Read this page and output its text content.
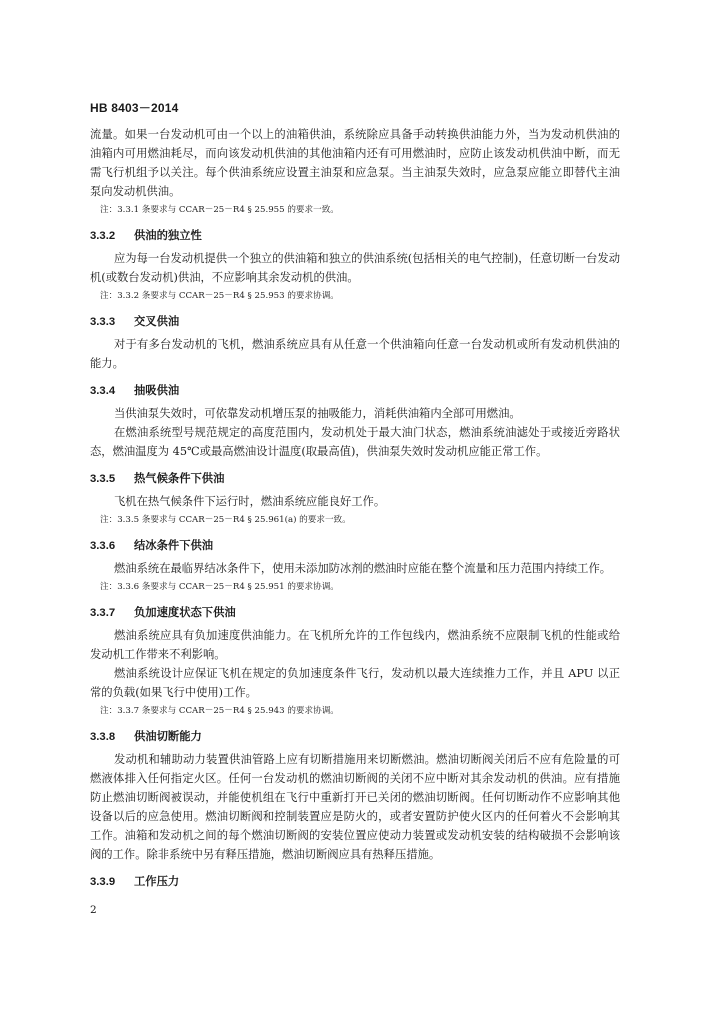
HB 8403－2014

流量。如果一台发动机可由一个以上的油箱供油，系统除应具备手动转换供油能力外，当为发动机供油的油箱内可用燃油耗尽，而向该发动机供油的其他油箱内还有可用燃油时，应防止该发动机供油中断，而无需飞行机组予以关注。每个供油系统应设置主油泵和应急泵。当主油泵失效时，应急泵应能立即替代主油泵向发动机供油。

注：3.3.1 条要求与 CCAR－25－R4 § 25.955 的要求一致。

3.3.2 供油的独立性

应为每一台发动机提供一个独立的供油箱和独立的供油系统(包括相关的电气控制)，任意切断一台发动机(或数台发动机)供油，不应影响其余发动机的供油。

注：3.3.2 条要求与 CCAR－25－R4 § 25.953 的要求协调。

3.3.3 交叉供油

对于有多台发动机的飞机，燃油系统应具有从任意一个供油箱向任意一台发动机或所有发动机供油的能力。

3.3.4 抽吸供油

当供油泵失效时，可依靠发动机增压泵的抽吸能力，消耗供油箱内全部可用燃油。

在燃油系统型号规范规定的高度范围内，发动机处于最大油门状态，燃油系统油滤处于或接近旁路状态，燃油温度为 45℃或最高燃油设计温度(取最高值)，供油泵失效时发动机应能正常工作。

3.3.5 热气候条件下供油

飞机在热气候条件下运行时，燃油系统应能良好工作。

注：3.3.5 条要求与 CCAR－25－R4 § 25.961(a) 的要求一致。

3.3.6 结冰条件下供油

燃油系统在最临界结冰条件下，使用未添加防冰剂的燃油时应能在整个流量和压力范围内持续工作。

注：3.3.6 条要求与 CCAR－25－R4 § 25.951 的要求协调。

3.3.7 负加速度状态下供油

燃油系统应具有负加速度供油能力。在飞机所允许的工作包线内，燃油系统不应限制飞机的性能或给发动机工作带来不利影响。

燃油系统设计应保证飞机在规定的负加速度条件飞行，发动机以最大连续推力工作，并且 APU 以正常的负载(如果飞行中使用)工作。

注：3.3.7 条要求与 CCAR－25－R4 § 25.943 的要求协调。

3.3.8 供油切断能力

发动机和辅助动力装置供油管路上应有切断措施用来切断燃油。燃油切断阀关闭后不应有危险量的可燃液体排入任何指定火区。任何一台发动机的燃油切断阀的关闭不应中断对其余发动机的供油。应有措施防止燃油切断阀被误动，并能使机组在飞行中重新打开已关闭的燃油切断阀。任何切断动作不应影响其他设备以后的应急使用。燃油切断阀和控制装置应是防火的，或者安置防护使火区内的任何着火不会影响其工作。油箱和发动机之间的每个燃油切断阀的安装位置应使动力装置或发动机安装的结构破损不会影响该阀的工作。除非系统中另有释压措施，燃油切断阀应具有热释压措施。

3.3.9 工作压力
2
